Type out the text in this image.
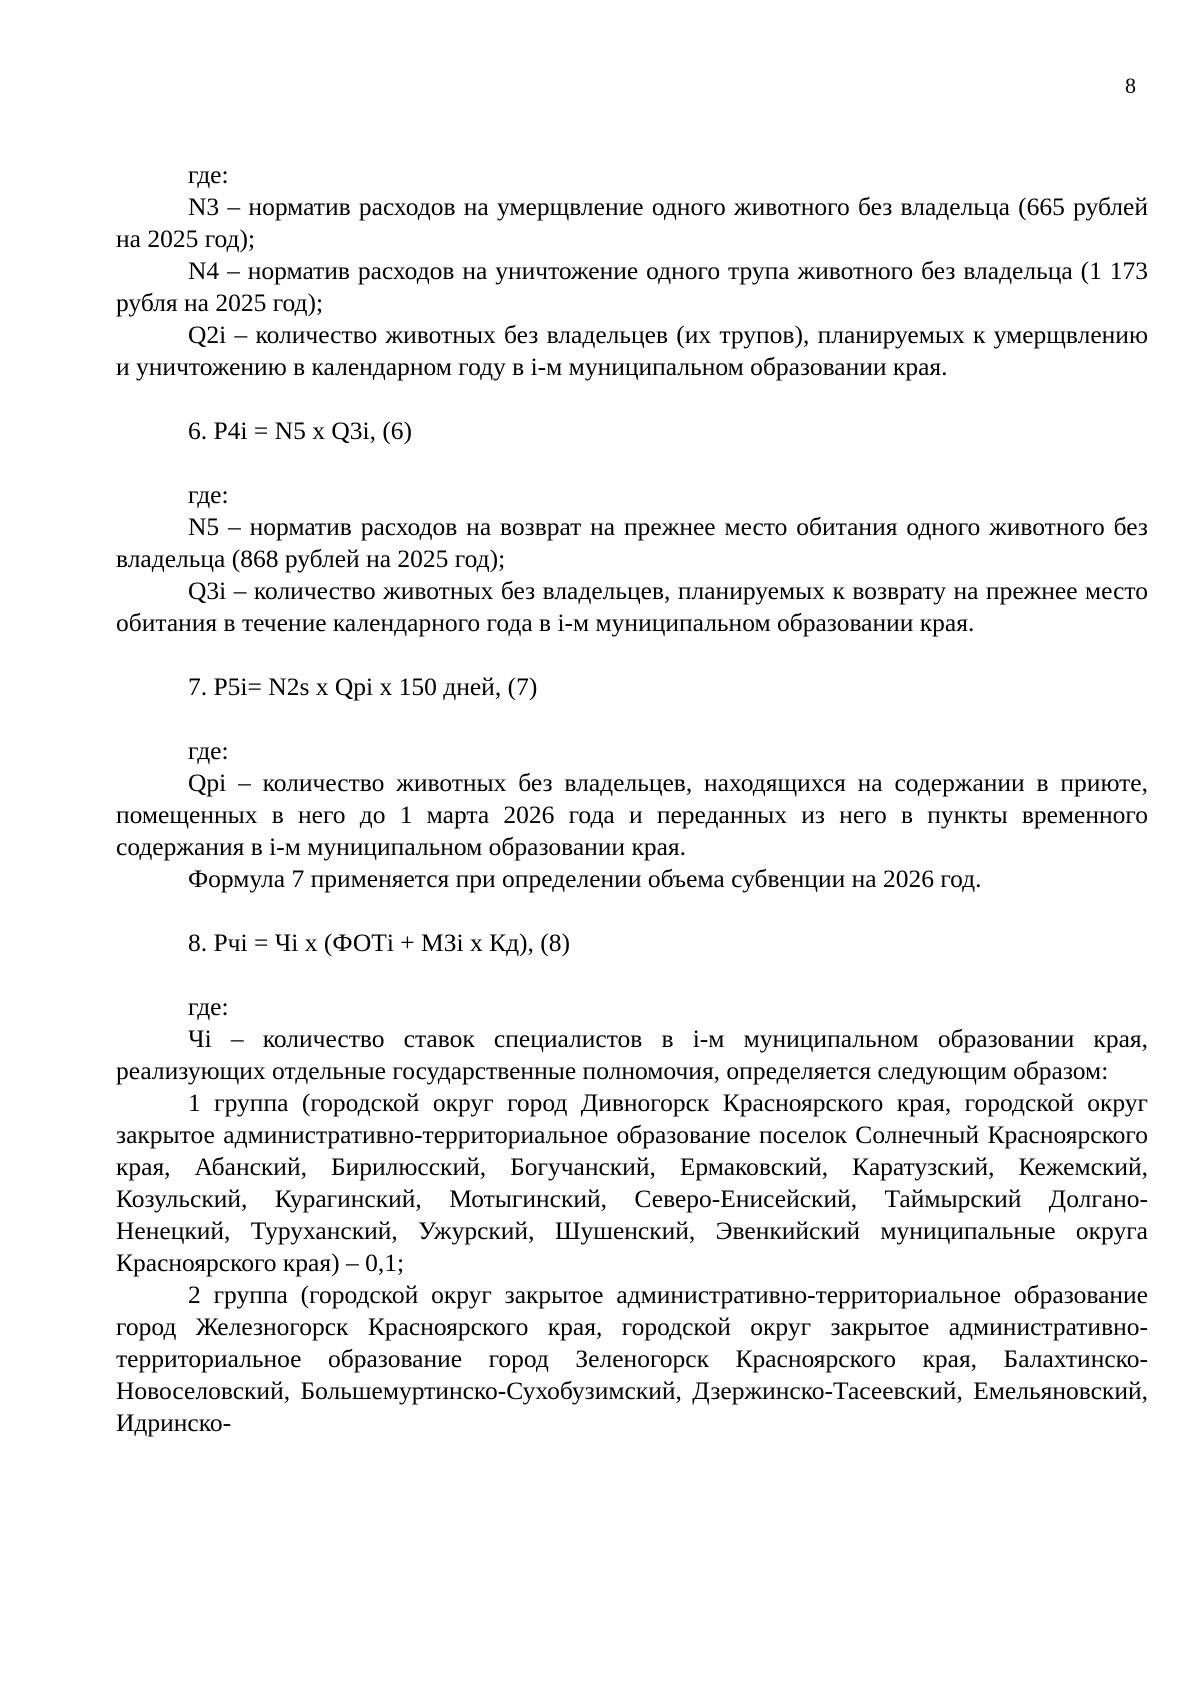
8

где:

N3 – норматив расходов на умерщвление одного животного без владельца (665 рублей на 2025 год);

N4 – норматив расходов на уничтожение одного трупа животного без владельца (1 173 рубля на 2025 год);

Q2i – количество животных без владельцев (их трупов), планируемых к умерщвлению и уничтожению в календарном году в i-м муниципальном образовании края.

6. P4i = N5 x Q3i, (6)

где:

N5 – норматив расходов на возврат на прежнее место обитания одного животного без владельца (868 рублей на 2025 год);

Q3i – количество животных без владельцев, планируемых к возврату на прежнее место обитания в течение календарного года в i-м муниципальном образовании края.

7. P5i= N2s x Qpi x 150 дней, (7)

где:

Qpi – количество животных без владельцев, находящихся на содержании в приюте, помещенных в него до 1 марта 2026 года и переданных из него в пункты временного содержания в i-м муниципальном образовании края.

Формула 7 применяется при определении объема субвенции на 2026 год.

8. Pчi = Чi x (ФОТi + МЗi x Кд), (8)

где:

Чi – количество ставок специалистов в i-м муниципальном образовании края, реализующих отдельные государственные полномочия, определяется следующим образом:

1 группа (городской округ город Дивногорск Красноярского края, городской округ закрытое административно-территориальное образование поселок Солнечный Красноярского края, Абанский, Бирилюсский, Богучанский, Ермаковский, Каратузский, Кежемский, Козульский, Курагинский, Мотыгинский, Северо-Енисейский, Таймырский Долгано-Ненецкий, Туруханский, Ужурский, Шушенский, Эвенкийский муниципальные округа Красноярского края) – 0,1;

2 группа (городской округ закрытое административно-территориальное образование город Железногорск Красноярского края, городской округ закрытое административно-территориальное образование город Зеленогорск Красноярского края, Балахтинско-Новоселовский, Большемуртинско-Сухобузимский, Дзержинско-Тасеевский, Емельяновский, Идринско-
